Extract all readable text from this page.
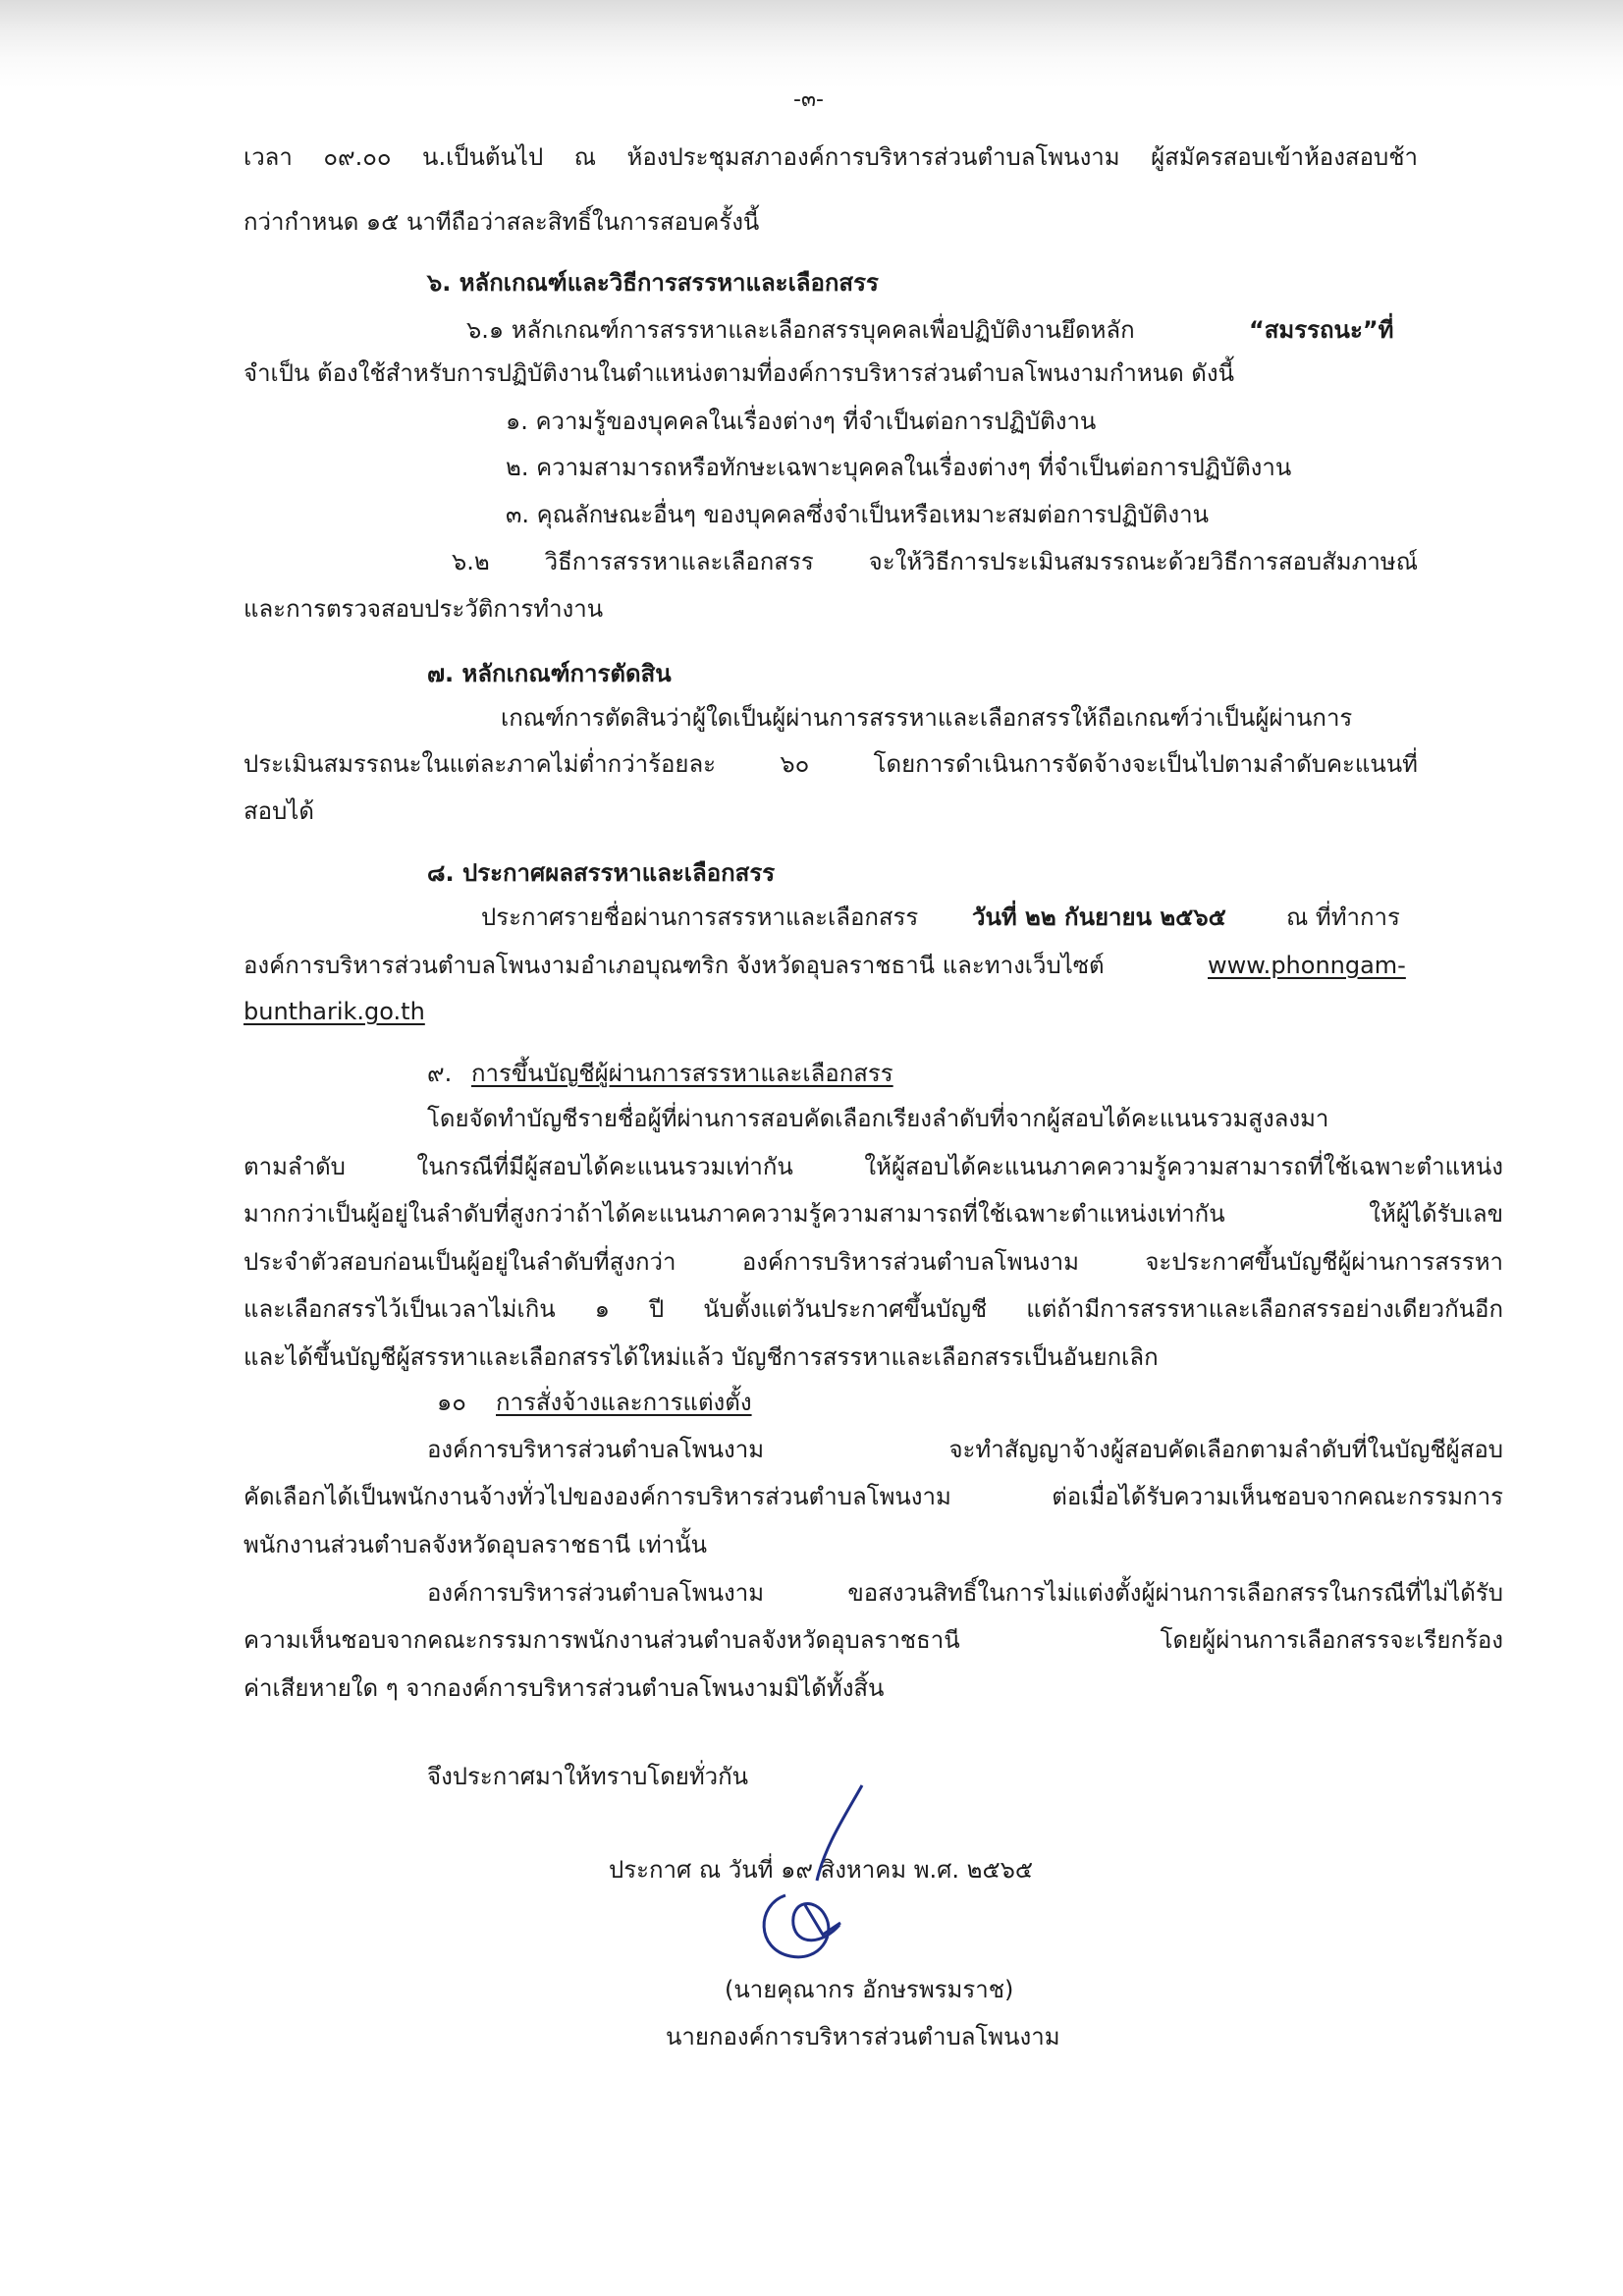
-๓-
เวลา ๐๙.๐๐ น.เป็นต้นไป ณ ห้องประชุมสภาองค์การบริหารส่วนตำบลโพนงาม ผู้สมัครสอบเข้าห้องสอบช้า
กว่ากำหนด ๑๕ นาทีถือว่าสละสิทธิ์ในการสอบครั้งนี้
๖. หลักเกณฑ์และวิธีการสรรหาและเลือกสรร
๖.๑ หลักเกณฑ์การสรรหาและเลือกสรรบุคคลเพื่อปฏิบัติงานยึดหลัก	“สมรรถนะ”ที่
จำเป็น ต้องใช้สำหรับการปฏิบัติงานในตำแหน่งตามที่องค์การบริหารส่วนตำบลโพนงามกำหนด ดังนี้
๑. ความรู้ของบุคคลในเรื่องต่างๆ ที่จำเป็นต่อการปฏิบัติงาน
๒. ความสามารถหรือทักษะเฉพาะบุคคลในเรื่องต่างๆ ที่จำเป็นต่อการปฏิบัติงาน
๓. คุณลักษณะอื่นๆ ของบุคคลซึ่งจำเป็นหรือเหมาะสมต่อการปฏิบัติงาน
๖.๒ วิธีการสรรหาและเลือกสรร จะให้วิธีการประเมินสมรรถนะด้วยวิธีการสอบสัมภาษณ์
และการตรวจสอบประวัติการทำงาน
๗. หลักเกณฑ์การตัดสิน
เกณฑ์การตัดสินว่าผู้ใดเป็นผู้ผ่านการสรรหาและเลือกสรรให้ถือเกณฑ์ว่าเป็นผู้ผ่านการ
ประเมินสมรรถนะในแต่ละภาคไม่ต่ำกว่าร้อยละ ๖๐ โดยการดำเนินการจัดจ้างจะเป็นไปตามลำดับคะแนนที่
สอบได้
๘. ประกาศผลสรรหาและเลือกสรร
ประกาศรายชื่อผ่านการสรรหาและเลือกสรร วันที่ ๒๒ กันยายน ๒๕๖๕	ณ ที่ทำการ
องค์การบริหารส่วนตำบลโพนงามอำเภอบุณฑริก จังหวัดอุบลราชธานี และทางเว็บไซต์	www.phonngam-
buntharik.go.th
๙. การขึ้นบัญชีผู้ผ่านการสรรหาและเลือกสรร
โดยจัดทำบัญชีรายชื่อผู้ที่ผ่านการสอบคัดเลือกเรียงลำดับที่จากผู้สอบได้คะแนนรวมสูงลงมา
ตามลำดับ ในกรณีที่มีผู้สอบได้คะแนนรวมเท่ากัน ให้ผู้สอบได้คะแนนภาคความรู้ความสามารถที่ใช้เฉพาะตำแหน่ง
มากกว่าเป็นผู้อยู่ในลำดับที่สูงกว่าถ้าได้คะแนนภาคความรู้ความสามารถที่ใช้เฉพาะตำแหน่งเท่ากัน ให้ผู้ได้รับเลข
ประจำตัวสอบก่อนเป็นผู้อยู่ในลำดับที่สูงกว่า องค์การบริหารส่วนตำบลโพนงาม จะประกาศขึ้นบัญชีผู้ผ่านการสรรหา
และเลือกสรรไว้เป็นเวลาไม่เกิน ๑ ปี นับตั้งแต่วันประกาศขึ้นบัญชี แต่ถ้ามีการสรรหาและเลือกสรรอย่างเดียวกันอีก
และได้ขึ้นบัญชีผู้สรรหาและเลือกสรรได้ใหม่แล้ว บัญชีการสรรหาและเลือกสรรเป็นอันยกเลิก
๑๐ การสั่งจ้างและการแต่งตั้ง
องค์การบริหารส่วนตำบลโพนงาม จะทำสัญญาจ้างผู้สอบคัดเลือกตามลำดับที่ในบัญชีผู้สอบ
คัดเลือกได้เป็นพนักงานจ้างทั่วไปขององค์การบริหารส่วนตำบลโพนงาม ต่อเมื่อได้รับความเห็นชอบจากคณะกรรมการ
พนักงานส่วนตำบลจังหวัดอุบลราชธานี เท่านั้น
องค์การบริหารส่วนตำบลโพนงาม ขอสงวนสิทธิ์ในการไม่แต่งตั้งผู้ผ่านการเลือกสรรในกรณีที่ไม่ได้รับ
ความเห็นชอบจากคณะกรรมการพนักงานส่วนตำบลจังหวัดอุบลราชธานี โดยผู้ผ่านการเลือกสรรจะเรียกร้อง
ค่าเสียหายใด ๆ จากองค์การบริหารส่วนตำบลโพนงามมิได้ทั้งสิ้น
จึงประกาศมาให้ทราบโดยทั่วกัน
ประกาศ ณ วันที่ ๑๙ สิงหาคม พ.ศ. ๒๕๖๕
(นายคุณากร อักษรพรมราช)
นายกองค์การบริหารส่วนตำบลโพนงาม
